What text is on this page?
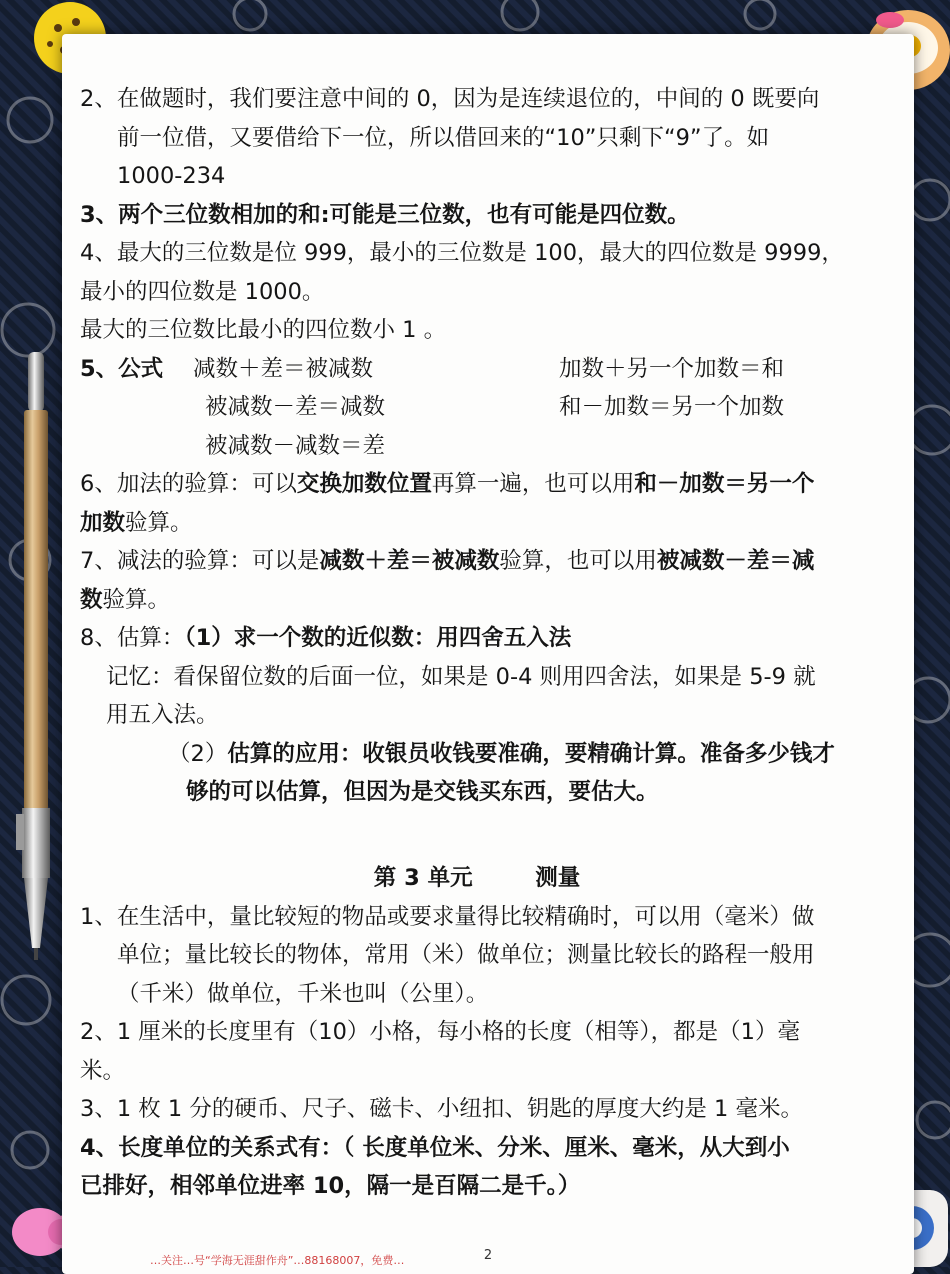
2、在做题时，我们要注意中间的 0，因为是连续退位的，中间的 0 既要向
前一位借，又要借给下一位，所以借回来的“10”只剩下“9”了。如
1000-234
3、两个三位数相加的和:可能是三位数，也有可能是四位数。
4、最大的三位数是位 999，最小的三位数是 100，最大的四位数是 9999，
最小的四位数是 1000。
最大的三位数比最小的四位数小 1 。
5、公式	减数＋差＝被减数	加数＋另一个加数＝和
被减数－差＝减数	和－加数＝另一个加数
被减数－减数＝差
6、加法的验算：可以交换加数位置再算一遍，也可以用和－加数＝另一个
加数验算。
7、减法的验算：可以是减数＋差＝被减数验算，也可以用被减数－差＝减
数验算。
8、估算：（1）求一个数的近似数：用四舍五入法
记忆：看保留位数的后面一位，如果是 0-4 则用四舍法，如果是 5-9 就
用五入法。
（2）估算的应用：收银员收钱要准确，要精确计算。准备多少钱才
够的可以估算，但因为是交钱买东西，要估大。
第 3 单元        测量
1、在生活中，量比较短的物品或要求量得比较精确时，可以用（毫米）做
单位；量比较长的物体，常用（米）做单位；测量比较长的路程一般用
（千米）做单位，千米也叫（公里）。
2、1 厘米的长度里有（10）小格，每小格的长度（相等），都是（1）毫
米。
3、1 枚 1 分的硬币、尺子、磁卡、小纽扣、钥匙的厚度大约是 1 毫米。
4、长度单位的关系式有：（ 长度单位米、分米、厘米、毫米，从大到小
已排好，相邻单位进率 10，隔一是百隔二是千。）
2
…关注…号“学海无涯甜作舟”…88168007，免费…
